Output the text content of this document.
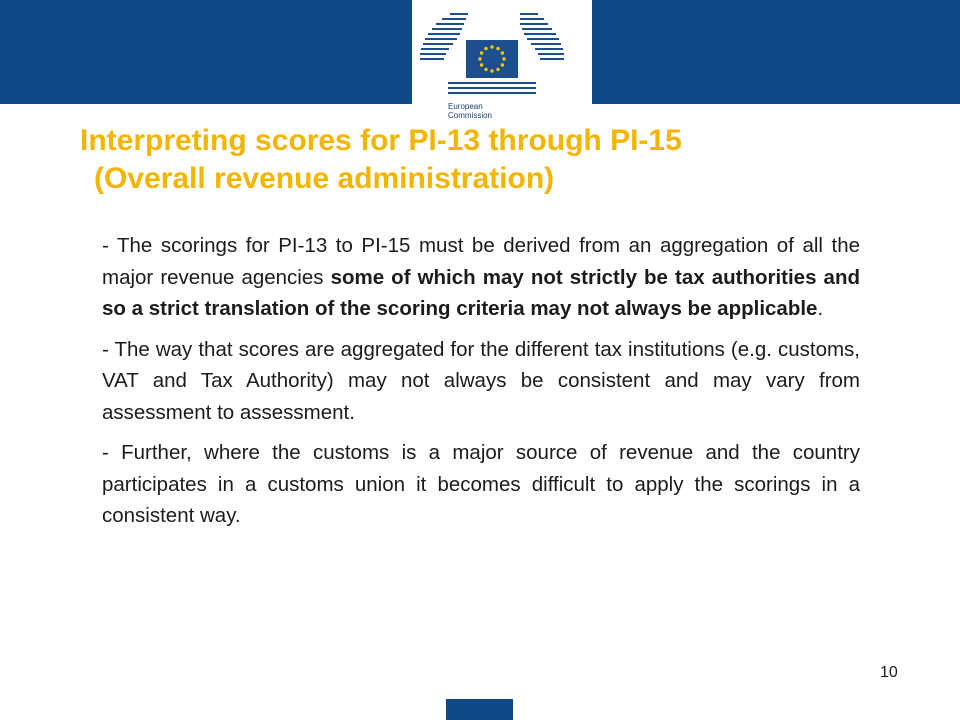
European
Commission
Interpreting scores for PI-13 through PI-15
(Overall revenue administration)

- The scorings for PI-13 to PI-15 must be derived from an aggregation of all the major revenue agencies some of which may not strictly be tax authorities and so a strict translation of the scoring criteria may not always be applicable.

- The way that scores are aggregated for the different tax institutions (e.g. customs, VAT and Tax Authority) may not always be consistent and may vary from assessment to assessment.

- Further, where the customs is a major source of revenue and the country participates in a customs union it becomes difficult to apply the scorings in a consistent way.

10
